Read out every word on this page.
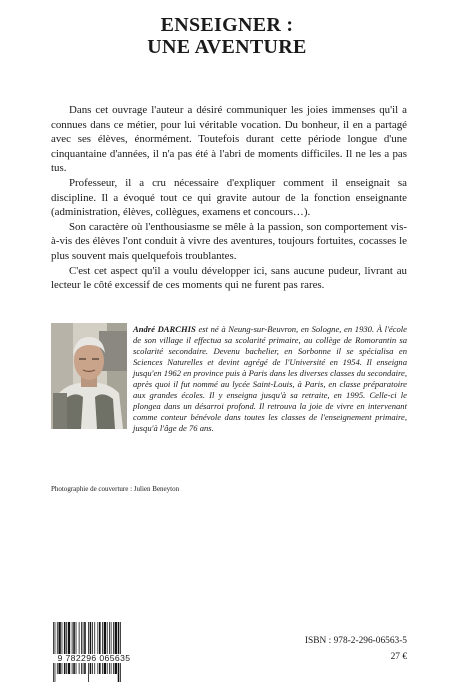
ENSEIGNER :
UNE AVENTURE

Dans cet ouvrage l'auteur a désiré communiquer les joies immenses qu'il a connues dans ce métier, pour lui véritable vocation. Du bonheur, il en a partagé avec ses élèves, énormément. Toutefois durant cette période longue d'une cinquantaine d'années, il n'a pas été à l'abri de moments difficiles. Il ne les a pas tus.

Professeur, il a cru nécessaire d'expliquer comment il enseignait sa discipline. Il a évoqué tout ce qui gravite autour de la fonction enseignante (administration, élèves, collègues, examens et concours…).

Son caractère où l'enthousiasme se mêle à la passion, son comportement vis-à-vis des élèves l'ont conduit à vivre des aventures, toujours fortuites, cocasses le plus souvent mais quelquefois troublantes.

C'est cet aspect qu'il a voulu développer ici, sans aucune pudeur, livrant au lecteur le côté excessif de ces moments qui ne furent pas rares.

André DARCHIS est né à Neung-sur-Beuvron, en Sologne, en 1930. À l'école de son village il effectua sa scolarité primaire, au collège de Romorantin sa scolarité secondaire. Devenu bachelier, en Sorbonne il se spécialisa en Sciences Naturelles et devint agrégé de l'Université en 1954. Il enseigna jusqu'en 1962 en province puis à Paris dans les diverses classes du secondaire, après quoi il fut nommé au lycée Saint-Louis, à Paris, en classe préparatoire aux grandes écoles. Il y enseigna jusqu'à sa retraite, en 1995. Celle-ci le plongea dans un désarroi profond. Il retrouva la joie de vivre en intervenant comme conteur bénévole dans toutes les classes de l'enseignement primaire, jusqu'à l'âge de 76 ans.

Photographie de couverture : Julien Beneyton
9 782296 065635
ISBN : 978-2-296-06563-5
27 €
